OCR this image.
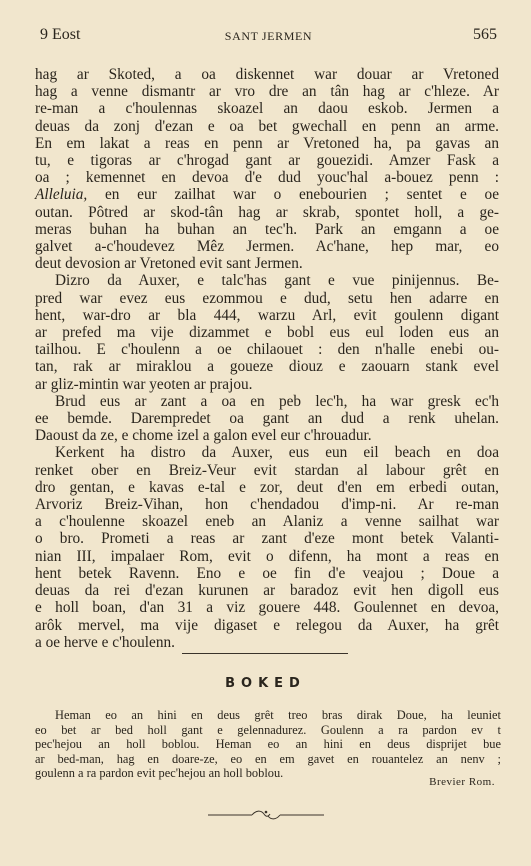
9 Eost	SANT JERMEN	565

hag ar Skoted, a oa diskennet war douar ar Vretoned
hag a venne dismantr ar vro dre an tân hag ar c'hleze. Ar
re-man a c'houlennas skoazel an daou eskob. Jermen a
deuas da zonj d'ezan e oa bet gwechall en penn an arme.
En em lakat a reas en penn ar Vretoned ha, pa gavas an
tu, e tigoras ar c'hrogad gant ar gouezidi. Amzer Fask a
oa ; kemennet en devoa d'e dud youc'hal a-bouez penn :
Alleluia, en eur zailhat war o enebourien ; sentet e oe
outan. Pôtred ar skod-tân hag ar skrab, spontet holl, a ge-
meras buhan ha buhan an tec'h. Park an emgann a oe
galvet a-c'houdevez Mêz Jermen. Ac'hane, hep mar, eo
deut devosion ar Vretoned evit sant Jermen.

Dizro da Auxer, e talc'has gant e vue pinijennus. Be-
pred war evez eus ezommou e dud, setu hen adarre en
hent, war-dro ar bla 444, warzu Arl, evit goulenn digant
ar prefed ma vije dizammet e bobl eus eul loden eus an
tailhou. E c'houlenn a oe chilaouet : den n'halle enebi ou-
tan, rak ar miraklou a goueze diouz e zaouarn stank evel
ar gliz-mintin war yeoten ar prajou.

Brud eus ar zant a oa en peb lec'h, ha war gresk ec'h
ee bemde. Darempredet oa gant an dud a renk uhelan.
Daoust da ze, e chome izel a galon evel eur c'hrouadur.

Kerkent ha distro da Auxer, eus eun eil beach en doa
renket ober en Breiz-Veur evit stardan al labour grêt en
dro gentan, e kavas e-tal e zor, deut d'en em erbedi outan,
Arvoriz Breiz-Vihan, hon c'hendadou d'imp-ni. Ar re-man
a c'houlenne skoazel eneb an Alaniz a venne sailhat war
o bro. Prometi a reas ar zant d'eze mont betek Valanti-
nian III, impalaer Rom, evit o difenn, ha mont a reas en
hent betek Ravenn. Eno e oe fin d'e veajou ; Doue a
deuas da rei d'ezan kurunen ar baradoz evit hen digoll eus
e holl boan, d'an 31 a viz gouere 448. Goulennet en devoa,
arôk mervel, ma vije digaset e relegou da Auxer, ha grêt
a oe herve e c'houlenn.

BOKED
Heman eo an hini en deus grêt treo bras dirak Doue, ha leuniet
eo bet ar bed holl gant e gelennadurez. Goulenn a ra pardon ev t
pec'hejou an holl boblou. Heman eo an hini en deus disprijet bue
ar bed-man, hag en doare-ze, eo en em gavet en rouantelez an nenv ;
goulenn a ra pardon evit pec'hejou an holl boblou.
Brevier Rom.
